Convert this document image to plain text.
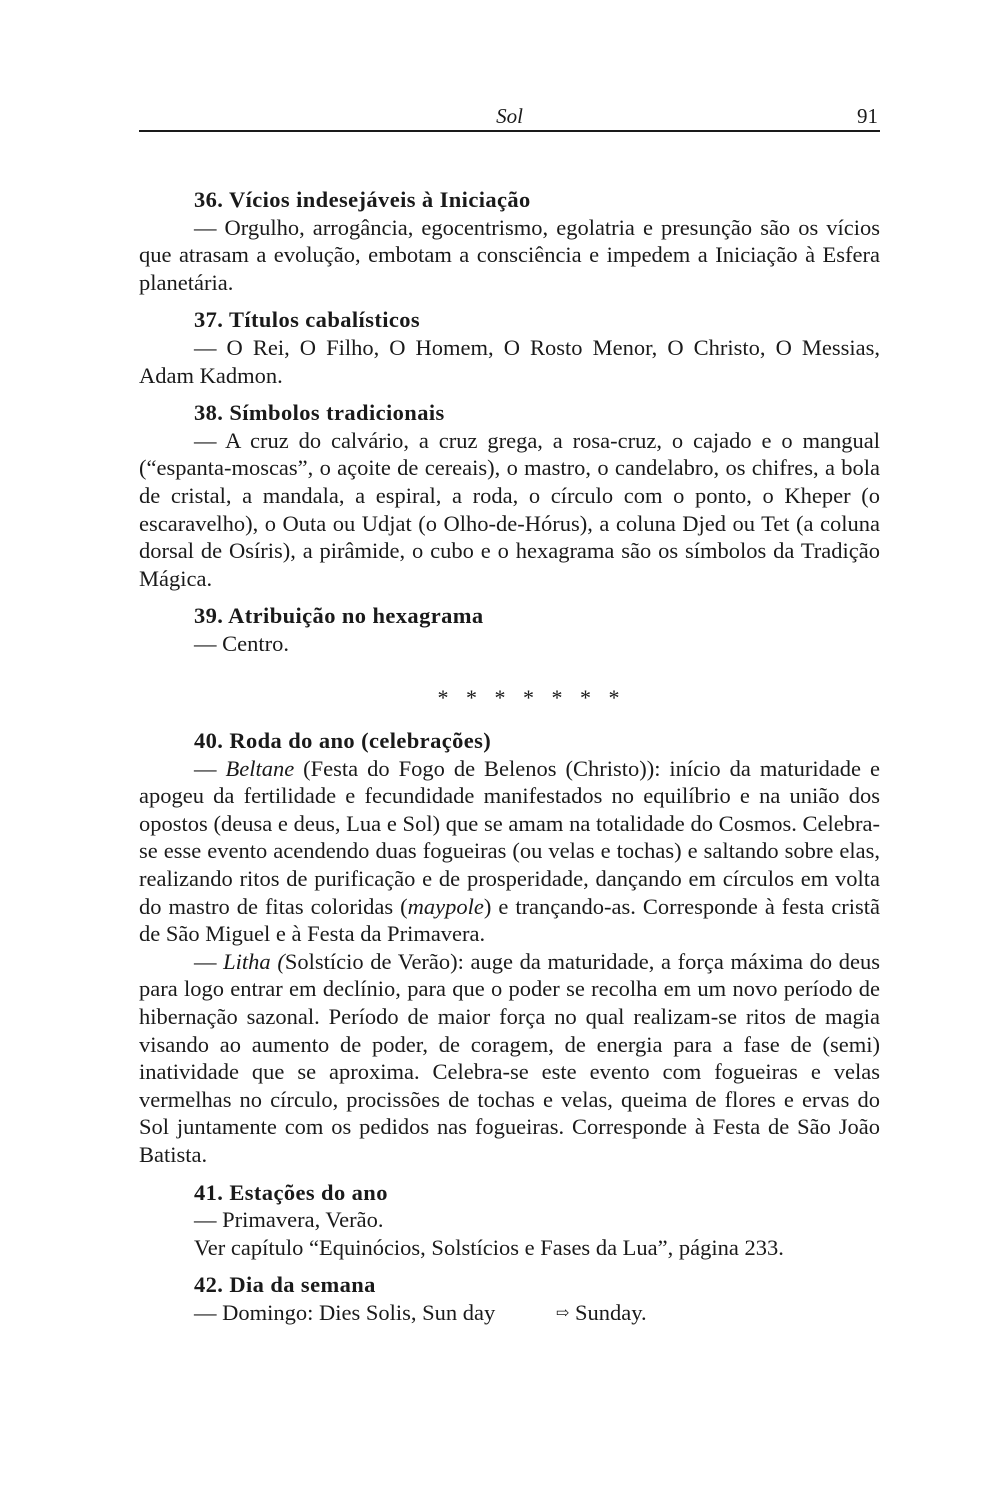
Sol	91

36. Vícios indesejáveis à Iniciação

— Orgulho, arrogância, egocentrismo, egolatria e presunção são os vícios que atrasam a evolução, embotam a consciência e impedem a Iniciação à Esfera planetária.

37. Títulos cabalísticos

— O Rei, O Filho, O Homem, O Rosto Menor, O Christo, O Messias, Adam Kadmon.

38. Símbolos tradicionais

— A cruz do calvário, a cruz grega, a rosa-cruz, o cajado e o mangual (“espanta-moscas”, o açoite de cereais), o mastro, o candelabro, os chifres, a bola de cristal, a mandala, a espiral, a roda, o círculo com o ponto, o Kheper (o escaravelho), o Outa ou Udjat (o Olho-de-Hórus), a coluna Djed ou Tet (a coluna dorsal de Osíris), a pirâmide, o cubo e o hexagrama são os símbolos da Tradição Mágica.

39. Atribuição no hexagrama

— Centro.

* * * * * * *

40. Roda do ano (celebrações)

— Beltane (Festa do Fogo de Belenos (Christo)): início da maturidade e apogeu da fertilidade e fecundidade manifestados no equilíbrio e na união dos opostos (deusa e deus, Lua e Sol) que se amam na totalidade do Cosmos. Celebra-se esse evento acendendo duas fogueiras (ou velas e tochas) e saltando sobre elas, realizando ritos de purificação e de prosperidade, dançando em círculos em volta do mastro de fitas coloridas (maypole) e trançando-as. Corresponde à festa cristã de São Miguel e à Festa da Primavera.

— Litha (Solstício de Verão): auge da maturidade, a força máxima do deus para logo entrar em declínio, para que o poder se recolha em um novo período de hibernação sazonal. Período de maior força no qual realizam-se ritos de magia visando ao aumento de poder, de coragem, de energia para a fase de (semi) inatividade que se aproxima. Celebra-se este evento com fogueiras e velas vermelhas no círculo, procissões de tochas e velas, queima de flores e ervas do Sol juntamente com os pedidos nas fogueiras. Corresponde à Festa de São João Batista.

41. Estações do ano

— Primavera, Verão.

Ver capítulo “Equinócios, Solstícios e Fases da Lua”, página 233.

42. Dia da semana

— Domingo: Dies Solis, Sun day	⇨ Sunday.
